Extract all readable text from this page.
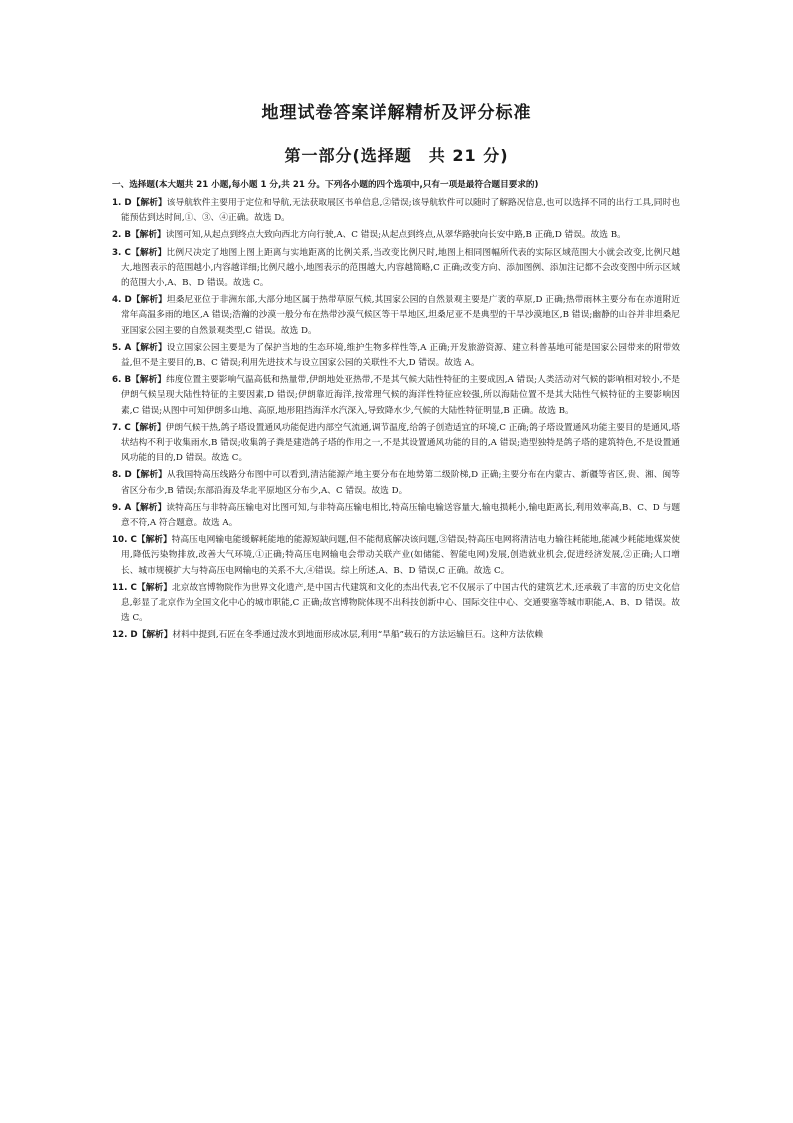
地理试卷答案详解精析及评分标准
第一部分(选择题　共 21 分)
一、选择题(本大题共 21 小题,每小题 1 分,共 21 分。下列各小题的四个选项中,只有一项是最符合题目要求的)
1. D【解析】该导航软件主要用于定位和导航,无法获取展区书单信息,②错误;该导航软件可以随时了解路况信息,也可以选择不同的出行工具,同时也能预估到达时间,①、③、④正确。故选 D。
2. B【解析】读图可知,从起点到终点大致向西北方向行驶,A、C 错误;从起点到终点,从翠华路驶向长安中路,B 正确,D 错误。故选 B。
3. C【解析】比例尺决定了地图上图上距离与实地距离的比例关系,当改变比例尺时,地图上相同图幅所代表的实际区域范围大小就会改变,比例尺越大,地图表示的范围越小,内容越详细;比例尺越小,地图表示的范围越大,内容越简略,C 正确;改变方向、添加图例、添加注记都不会改变图中所示区域的范围大小,A、B、D 错误。故选 C。
4. D【解析】坦桑尼亚位于非洲东部,大部分地区属于热带草原气候,其国家公园的自然景观主要是广袤的草原,D 正确;热带雨林主要分布在赤道附近常年高温多雨的地区,A 错误;浩瀚的沙漠一般分布在热带沙漠气候区等干旱地区,坦桑尼亚不是典型的干旱沙漠地区,B 错误;幽静的山谷并非坦桑尼亚国家公园主要的自然景观类型,C 错误。故选 D。
5. A【解析】设立国家公园主要是为了保护当地的生态环境,维护生物多样性等,A 正确;开发旅游资源、建立科普基地可能是国家公园带来的附带效益,但不是主要目的,B、C 错误;利用先进技术与设立国家公园的关联性不大,D 错误。故选 A。
6. B【解析】纬度位置主要影响气温高低和热量带,伊朗地处亚热带,不是其气候大陆性特征的主要成因,A 错误;人类活动对气候的影响相对较小,不是伊朗气候呈现大陆性特征的主要因素,D 错误;伊朗靠近海洋,按常理气候的海洋性特征应较强,所以海陆位置不是其大陆性气候特征的主要影响因素,C 错误;从图中可知伊朗多山地、高原,地形阻挡海洋水汽深入,导致降水少,气候的大陆性特征明显,B 正确。故选 B。
7. C【解析】伊朗气候干热,鸽子塔设置通风功能促进内部空气流通,调节温度,给鸽子创造适宜的环境,C 正确;鸽子塔设置通风功能主要目的是通风,塔状结构不利于收集雨水,B 错误;收集鸽子粪是建造鸽子塔的作用之一,不是其设置通风功能的目的,A 错误;造型独特是鸽子塔的建筑特色,不是设置通风功能的目的,D 错误。故选 C。
8. D【解析】从我国特高压线路分布图中可以看到,清洁能源产地主要分布在地势第二级阶梯,D 正确;主要分布在内蒙古、新疆等省区,贵、湘、闽等省区分布少,B 错误;东部沿海及华北平原地区分布少,A、C 错误。故选 D。
9. A【解析】读特高压与非特高压输电对比图可知,与非特高压输电相比,特高压输电输送容量大,输电损耗小,输电距离长,利用效率高,B、C、D 与题意不符,A 符合题意。故选 A。
10. C【解析】特高压电网输电能缓解耗能地的能源短缺问题,但不能彻底解决该问题,③错误;特高压电网将清洁电力输往耗能地,能减少耗能地煤炭使用,降低污染物排放,改善大气环境,①正确;特高压电网输电会带动关联产业(如储能、智能电网)发展,创造就业机会,促进经济发展,②正确;人口增长、城市规模扩大与特高压电网输电的关系不大,④错误。综上所述,A、B、D 错误,C 正确。故选 C。
11. C【解析】北京故宫博物院作为世界文化遗产,是中国古代建筑和文化的杰出代表,它不仅展示了中国古代的建筑艺术,还承载了丰富的历史文化信息,彰显了北京作为全国文化中心的城市职能,C 正确;故宫博物院体现不出科技创新中心、国际交往中心、交通要塞等城市职能,A、B、D 错误。故选 C。
12. D【解析】材料中提到,石匠在冬季通过泼水到地面形成冰层,利用“旱船”载石的方法运输巨石。这种方法依赖
